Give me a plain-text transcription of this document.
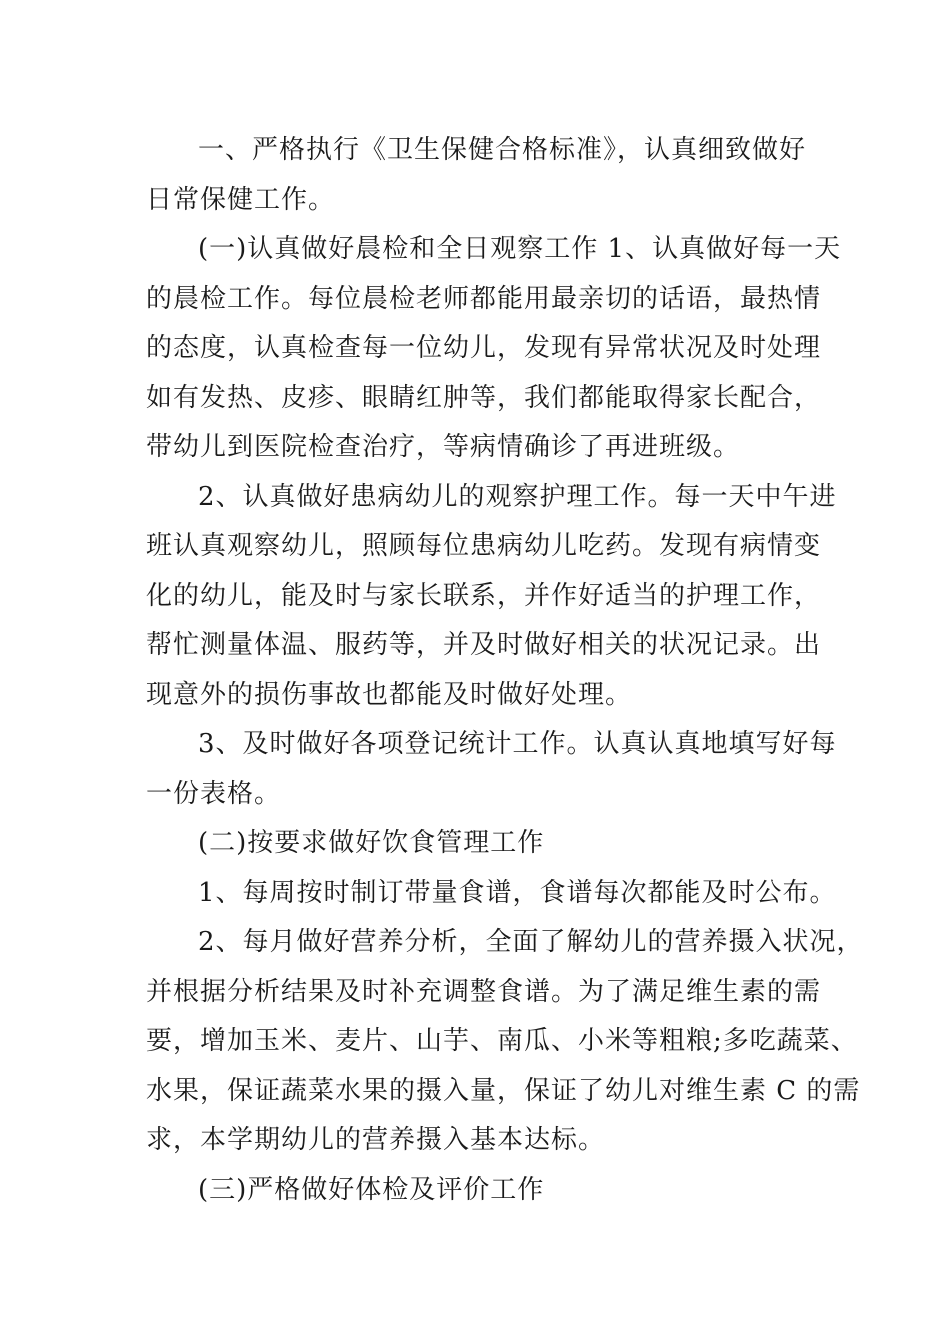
一、严格执行《卫生保健合格标准》，认真细致做好
日常保健工作。
(一)认真做好晨检和全日观察工作 1、认真做好每一天
的晨检工作。每位晨检老师都能用最亲切的话语，最热情
的态度，认真检查每一位幼儿，发现有异常状况及时处理
如有发热、皮疹、眼睛红肿等，我们都能取得家长配合，
带幼儿到医院检查治疗，等病情确诊了再进班级。
2、认真做好患病幼儿的观察护理工作。每一天中午进
班认真观察幼儿，照顾每位患病幼儿吃药。发现有病情变
化的幼儿，能及时与家长联系，并作好适当的护理工作，
帮忙测量体温、服药等，并及时做好相关的状况记录。出
现意外的损伤事故也都能及时做好处理。
3、及时做好各项登记统计工作。认真认真地填写好每
一份表格。
(二)按要求做好饮食管理工作
1、每周按时制订带量食谱，食谱每次都能及时公布。
2、每月做好营养分析，全面了解幼儿的营养摄入状况，
并根据分析结果及时补充调整食谱。为了满足维生素的需
要，增加玉米、麦片、山芋、南瓜、小米等粗粮;多吃蔬菜、
水果，保证蔬菜水果的摄入量，保证了幼儿对维生素 C 的需
求，本学期幼儿的营养摄入基本达标。
(三)严格做好体检及评价工作
